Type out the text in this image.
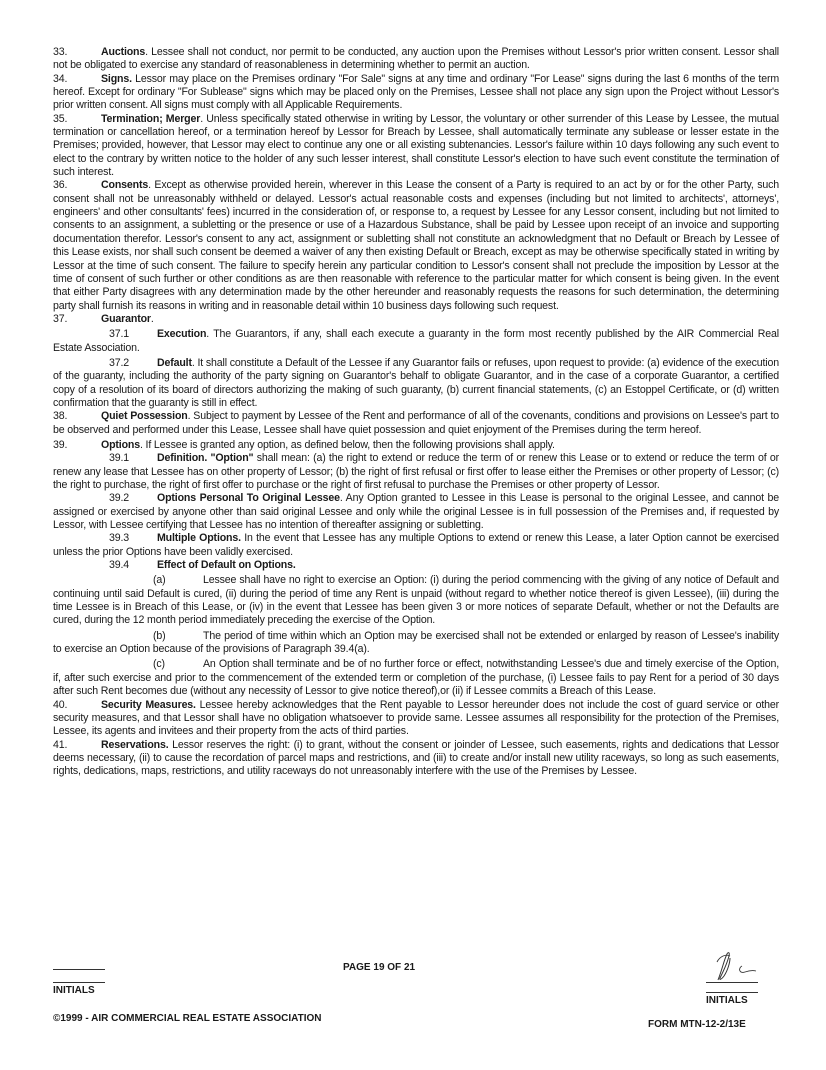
33.	Auctions. Lessee shall not conduct, nor permit to be conducted, any auction upon the Premises without Lessor's prior written consent. Lessor shall not be obligated to exercise any standard of reasonableness in determining whether to permit an auction.

34.	Signs. Lessor may place on the Premises ordinary "For Sale" signs at any time and ordinary "For Lease" signs during the last 6 months of the term hereof. Except for ordinary "For Sublease" signs which may be placed only on the Premises, Lessee shall not place any sign upon the Project without Lessor's prior written consent. All signs must comply with all Applicable Requirements.

35.	Termination; Merger. Unless specifically stated otherwise in writing by Lessor, the voluntary or other surrender of this Lease by Lessee, the mutual termination or cancellation hereof, or a termination hereof by Lessor for Breach by Lessee, shall automatically terminate any sublease or lesser estate in the Premises; provided, however, that Lessor may elect to continue any one or all existing subtenancies. Lessor's failure within 10 days following any such event to elect to the contrary by written notice to the holder of any such lesser interest, shall constitute Lessor's election to have such event constitute the termination of such interest.

36.	Consents. Except as otherwise provided herein, wherever in this Lease the consent of a Party is required to an act by or for the other Party, such consent shall not be unreasonably withheld or delayed. Lessor's actual reasonable costs and expenses (including but not limited to architects', attorneys', engineers' and other consultants' fees) incurred in the consideration of, or response to, a request by Lessee for any Lessor consent, including but not limited to consents to an assignment, a subletting or the presence or use of a Hazardous Substance, shall be paid by Lessee upon receipt of an invoice and supporting documentation therefor. Lessor's consent to any act, assignment or subletting shall not constitute an acknowledgment that no Default or Breach by Lessee of this Lease exists, nor shall such consent be deemed a waiver of any then existing Default or Breach, except as may be otherwise specifically stated in writing by Lessor at the time of such consent. The failure to specify herein any particular condition to Lessor's consent shall not preclude the imposition by Lessor at the time of consent of such further or other conditions as are then reasonable with reference to the particular matter for which consent is being given. In the event that either Party disagrees with any determination made by the other hereunder and reasonably requests the reasons for such determination, the determining party shall furnish its reasons in writing and in reasonable detail within 10 business days following such request.

37.	Guarantor.

37.1	Execution. The Guarantors, if any, shall each execute a guaranty in the form most recently published by the AIR Commercial Real Estate Association.

37.2	Default. It shall constitute a Default of the Lessee if any Guarantor fails or refuses, upon request to provide: (a) evidence of the execution of the guaranty, including the authority of the party signing on Guarantor's behalf to obligate Guarantor, and in the case of a corporate Guarantor, a certified copy of a resolution of its board of directors authorizing the making of such guaranty, (b) current financial statements, (c) an Estoppel Certificate, or (d) written confirmation that the guaranty is still in effect.

38.	Quiet Possession. Subject to payment by Lessee of the Rent and performance of all of the covenants, conditions and provisions on Lessee's part to be observed and performed under this Lease, Lessee shall have quiet possession and quiet enjoyment of the Premises during the term hereof.

39.	Options. If Lessee is granted any option, as defined below, then the following provisions shall apply.

39.1	Definition. "Option" shall mean: (a) the right to extend or reduce the term of or renew this Lease or to extend or reduce the term of or renew any lease that Lessee has on other property of Lessor; (b) the right of first refusal or first offer to lease either the Premises or other property of Lessor; (c) the right to purchase, the right of first offer to purchase or the right of first refusal to purchase the Premises or other property of Lessor.

39.2	Options Personal To Original Lessee. Any Option granted to Lessee in this Lease is personal to the original Lessee, and cannot be assigned or exercised by anyone other than said original Lessee and only while the original Lessee is in full possession of the Premises and, if requested by Lessor, with Lessee certifying that Lessee has no intention of thereafter assigning or subletting.

39.3	Multiple Options. In the event that Lessee has any multiple Options to extend or renew this Lease, a later Option cannot be exercised unless the prior Options have been validly exercised.

39.4	Effect of Default on Options.

(a)	Lessee shall have no right to exercise an Option: (i) during the period commencing with the giving of any notice of Default and continuing until said Default is cured, (ii) during the period of time any Rent is unpaid (without regard to whether notice thereof is given Lessee), (iii) during the time Lessee is in Breach of this Lease, or (iv) in the event that Lessee has been given 3 or more notices of separate Default, whether or not the Defaults are cured, during the 12 month period immediately preceding the exercise of the Option.

(b)	The period of time within which an Option may be exercised shall not be extended or enlarged by reason of Lessee's inability to exercise an Option because of the provisions of Paragraph 39.4(a).

(c)	An Option shall terminate and be of no further force or effect, notwithstanding Lessee's due and timely exercise of the Option, if, after such exercise and prior to the commencement of the extended term or completion of the purchase, (i) Lessee fails to pay Rent for a period of 30 days after such Rent becomes due (without any necessity of Lessor to give notice thereof),or (ii) if Lessee commits a Breach of this Lease.

40.	Security Measures. Lessee hereby acknowledges that the Rent payable to Lessor hereunder does not include the cost of guard service or other security measures, and that Lessor shall have no obligation whatsoever to provide same. Lessee assumes all responsibility for the protection of the Premises, Lessee, its agents and invitees and their property from the acts of third parties.

41.	Reservations. Lessor reserves the right: (i) to grant, without the consent or joinder of Lessee, such easements, rights and dedications that Lessor deems necessary, (ii) to cause the recordation of parcel maps and restrictions, and (iii) to create and/or install new utility raceways, so long as such easements, rights, dedications, maps, restrictions, and utility raceways do not unreasonably interfere with the use of the Premises by Lessee.

INITIALS
PAGE 19 OF 21
©1999 - AIR COMMERCIAL REAL ESTATE ASSOCIATION
INITIALS
FORM MTN-12-2/13E
